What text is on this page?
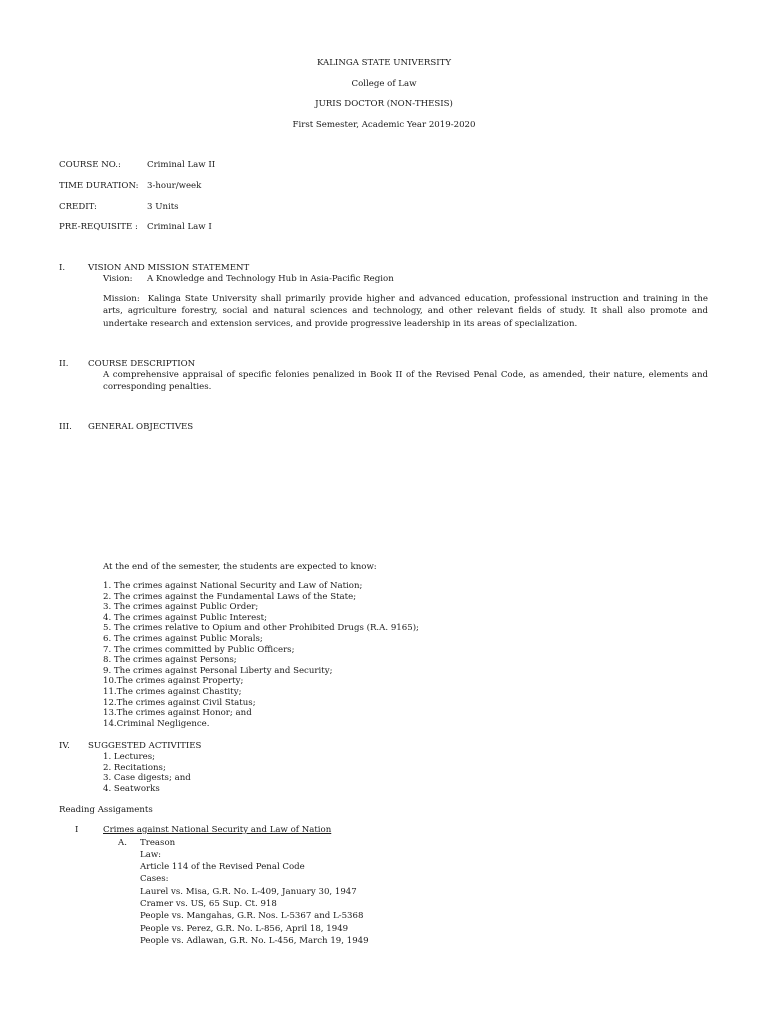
KALINGA STATE UNIVERSITY
College of Law
JURIS DOCTOR (NON-THESIS)
First Semester, Academic Year 2019-2020
COURSE NO.:	Criminal Law II
TIME DURATION: 3-hour/week
CREDIT:	3 Units
PRE-REQUISITE : Criminal Law I
I.	VISION AND MISSION STATEMENT
Vision: A Knowledge and Technology Hub in Asia-Pacific Region
Mission: Kalinga State University shall primarily provide higher and advanced education, professional instruction and training in the arts, agriculture forestry, social and natural sciences and technology, and other relevant fields of study. It shall also promote and undertake research and extension services, and provide progressive leadership in its areas of specialization.
II. COURSE DESCRIPTION
A comprehensive appraisal of specific felonies penalized in Book II of the Revised Penal Code, as amended, their nature, elements and corresponding penalties.
III. GENERAL OBJECTIVES
At the end of the semester, the students are expected to know:
1. The crimes against National Security and Law of Nation;
2. The crimes against the Fundamental Laws of the State;
3. The crimes against Public Order;
4. The crimes against Public Interest;
5. The crimes relative to Opium and other Prohibited Drugs (R.A. 9165);
6. The crimes against Public Morals;
7. The crimes committed by Public Officers;
8. The crimes against Persons;
9. The crimes against Personal Liberty and Security;
10.The crimes against Property;
11.The crimes against Chastity;
12.The crimes against Civil Status;
13.The crimes against Honor; and
14.Criminal Negligence.
IV. SUGGESTED ACTIVITIES
1. Lectures;
2. Recitations;
3. Case digests; and
4. Seatworks
Reading Assigaments
I	Crimes against National Security and Law of Nation
A. Treason
Law:
Article 114 of the Revised Penal Code
Cases:
Laurel vs. Misa, G.R. No. L-409, January 30, 1947
Cramer vs. US, 65 Sup. Ct. 918
People vs. Mangahas, G.R. Nos. L-5367 and L-5368
People vs. Perez, G.R. No. L-856, April 18, 1949
People vs. Adlawan, G.R. No. L-456, March 19, 1949
